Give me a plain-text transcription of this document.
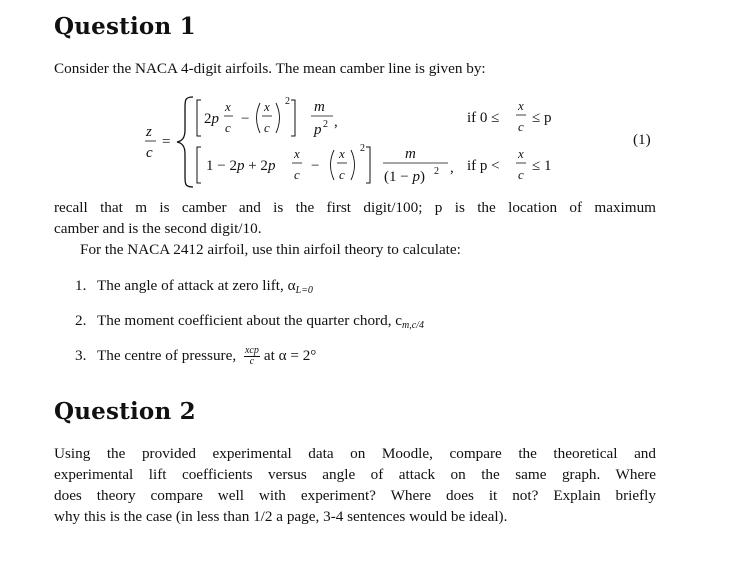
Question 1

Consider the NACA 4-digit airfoils. The mean camber line is given by:

z
c
=
2p
x
c
−
x
c
2 m
p 2 ,	if 0 ≤
x
c
≤ p
1 − 2p + 2p
x
c
−
x
c
2	m
(1 − p) 2 , if p <
x
c
≤ 1
(1)

recall that m is camber and is the first digit/100; p is the location of maximum

camber and is the second digit/10.

For the NACA 2412 airfoil, use thin airfoil theory to calculate:

1. The angle of attack at zero lift, $\alpha_{L=0}$
2. The moment coefficient about the quarter chord, $c_{m,c/4}$
3. The centre of pressure, xcp
c at α = 2°
Question 2

Using the provided experimental data on Moodle, compare the theoretical and

experimental lift coefficients versus angle of attack on the same graph. Where

does theory compare well with experiment? Where does it not? Explain briefly

why this is the case (in less than 1/2 a page, 3-4 sentences would be ideal).
